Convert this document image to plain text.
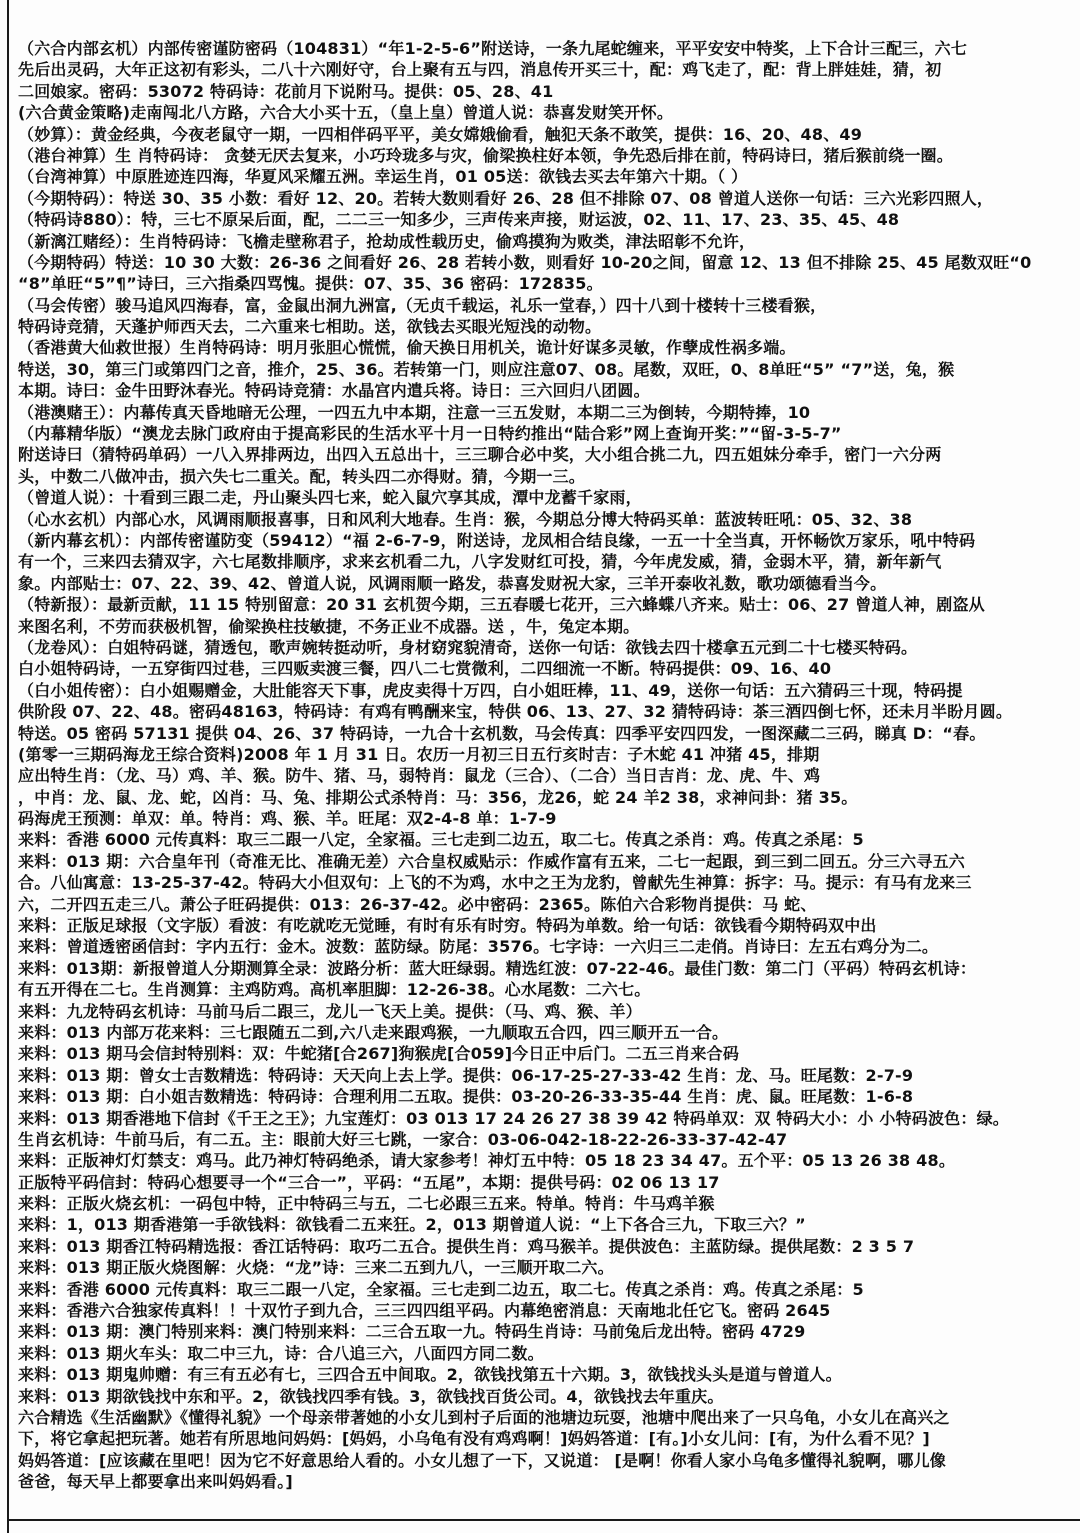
（六合内部玄机）内部传密谨防密码（104831）“年1-2-5-6”附送诗，一条九尾蛇缠来，平平安安中特奖，上下合计三配三，六七
先后出灵码，大年正这初有彩头，二八十六刚好守，台上聚有五与四，消息传开买三十，配：鸡飞走了，配：背上胖娃娃，猜，初
二回娘家。密码：53072 特码诗：花前月下说附马。提供：05、28、41
(六合黄金策略)走南闯北八方路，六合大小买十五，（皇上皇）曾道人说：恭喜发财笑开怀。
（妙算）：黄金经典，今夜老鼠守一期，一四相伴码平平，美女嫦娥偷看，触犯天条不敢笑，提供：16、20、48、49
（港台神算）生 肖特码诗： 贪婪无厌去复来，小巧玲珑多与灾，偷梁换柱好本领，争先恐后排在前，特码诗曰，猪后猴前绕一圈。
（台湾神算）中原胜迹连四海，华夏风采耀五洲。幸运生肖，01 05送：欲钱去买去年第六十期。（ ）
（今期特码）：特送 30、35 小数：看好 12、20。若转大数则看好 26、28 但不排除 07、08 曾道人送你一句话：三六光彩四照人，
（特码诗880）：特，三七不原呆后面，配，二二三一知多少，三声传来声接，财运波，02、11、17、23、35、45、48
（新漓江赌经）：生肖特码诗：飞檐走壁称君子，抢劫成性载历史，偷鸡摸狗为败类，津法昭彰不允许，
（今期特码）特送：10 30 大数：26-36 之间看好 26、28 若转小数，则看好 10-20之间，留意 12、13 但不排除 25、45 尾数双旺“0
“8”单旺“5”¶”诗曰，三六指桑四骂愧。提供：07、35、36 密码：172835。
（马会传密）骏马追风四海春，富，金鼠出洞九洲富,（无贞千载运，礼乐一堂春，）四十八到十楼转十三楼看猴，
特码诗竞猜，天蓬护师西天去，二六重来七相助。送，欲钱去买眼光短浅的动物。
（香港黄大仙救世报）生肖特码诗：明月张胆心慌慌，偷天换日用机关，诡计好谋多灵敏，作孽成性祸多端。
特送，30，第三门或第四门之音，推介，25、36。若转第一门，则应注意07、08。尾数，双旺，0、8单旺“5” “7”送，兔，猴
本期。诗曰：金牛田野沐春光。特码诗竞猜：水晶宫内遣兵将。诗日：三六回归八团圆。
（港澳赌王）：内幕传真天昏地暗无公理，一四五九中本期，注意一三五发财，本期二三为倒转，今期特捧，10
（内幕精华版）“澳龙去脉门政府由于提高彩民的生活水平十月一日特约推出“陆合彩”网上查询开奖：”“留-3-5-7”
附送诗曰（猜特码单码）一八入界排两边，出四入五总出十，三三聊合必中奖，大小组合挑二九，四五姐妹分牵手，密门一六分两
头，中数二八做冲击，损六失七二重关。配，转头四二亦得财。猜，今期一三。
（曾道人说）：十看到三跟二走，丹山聚头四七来，蛇入鼠穴享其成，潭中龙蓄千家雨，
（心水玄机）内部心水，风调雨顺报喜事，日和风利大地春。生肖：猴，今期总分博大特码买单：蓝波转旺吼：05、32、38
（新内幕玄机）：内部传密谨防变（59412）“福 2-6-7-9，附送诗，龙凤相合结良缘，一五一十全当真，开怀畅饮万家乐，吼中特码
有一个，三来四去猜双字，六七尾数排顺序，求来玄机看二九，八字发财红可投，猜，今年虎发威，猜，金弱木平，猜，新年新气
象。内部贴士：07、22、39、42、曾道人说，风调雨顺一路发，恭喜发财祝大家，三羊开泰收礼数，歌功颂德看当今。
（特新报）：最新贡献，11 15 特别留意：20 31 玄机贺今期，三五春暖七花开，三六蜂蝶八齐来。贴士：06、27 曾道人神，剧盗从
来图名利，不劳而获极机智，偷梁换柱技敏捷，不务正业不成器。送 ，牛，兔定本期。
（龙卷风）：白姐特码谜，猜透包，歌声婉转挺动听，身材窈窕貌清奇，送你一句话：欲钱去四十楼拿五元到二十七楼买特码。
白小姐特码诗，一五穿街四过巷，三四贩卖渡三餐，四八二七赏微利，二四细流一不断。特码提供：09、16、40
（白小姐传密）：白小姐赐赠金，大肚能容天下事，虎皮卖得十万四，白小姐旺棒，11、49，送你一句话：五六猜码三十现，特码提
供阶段 07、22、48。密码48163，特码诗：有鸡有鸭酬来宝，特供 06、13、27、32 猜特码诗：茶三酒四倒七怀，还未月半盼月圆。
特送。05 密码 57131 提供 04、26、37 特码诗，一九合十玄机数，马会传真：四季平安四四发，一图深藏二三码，睇真 D：“春。
(第零一三期码海龙王综合资料)2008 年 1 月 31 日。农历一月初三日五行亥时吉：子木蛇 41 冲猪 45，排期
应出特生肖：（龙、马）鸡、羊、猴。防牛、猪、马，弱特肖：鼠龙（三合）、（二合）当日吉肖：龙、虎、牛、鸡
，中肖：龙、鼠、龙、蛇，凶肖：马、兔、排期公式杀特肖：马：356，龙26，蛇 24 羊2 38，求神问卦：猪 35。
码海虎王预测：单双：单。特肖：鸡、猴、羊。旺尾：双2-4-8 单：1-7-9
来料：香港 6000 元传真料：取三二跟一八定，全家福。三七走到二边五，取二七。传真之杀肖：鸡。传真之杀尾：5
来料：013 期：六合皇年刊（奇准无比、准确无差）六合皇权威贴示：作威作富有五来，二七一起跟，到三到二回五。分三六寻五六
合。八仙寓意：13-25-37-42。特码大小但双句：上飞的不为鸡，水中之王为龙豹，曾献先生神算：拆字：马。提示：有马有龙来三
六，二开四五走三八。萧公子旺码提供：013：26-37-42。必中密码：2365。陈伯六合彩物肖提供：马 蛇、
来料：正版足球报（文字版）看波：有吃就吃无觉睡，有时有乐有时穷。特码为单数。给一句话：欲钱看今期特码双中出
来料：曾道透密函信封：字内五行：金木。波数：蓝防绿。防尾：3576。七字诗：一六归三二走俏。肖诗曰：左五右鸡分为二。
来料：013期：新报曾道人分期测算全录：波路分析：蓝大旺绿弱。精选红波：07-22-46。最佳门数：第二门（平码）特码玄机诗：
有五开得在二七。生肖测算：主鸡防鸡。高机率胆脚：12-26-38。心水尾数：二六七。
来料：九龙特码玄机诗：马前马后二跟三，龙儿一飞天上美。提供：（马、鸡、猴、羊）
来料：013 内部万花来料：三七跟随五二到,六八走来跟鸡猴，一九顺取五合四，四三顺开五一合。
来料：013 期马会信封特别料：双：牛蛇猪[合267]狗猴虎[合059]今日正中后门。二五三肖来合码
来料：013 期：曾女士吉数精选：特码诗：天天向上去上学。提供：06-17-25-27-33-42 生肖：龙、马。旺尾数：2-7-9
来料：013 期：白小姐吉数精选：特码诗：合理利用二五取。提供：03-20-26-33-35-44 生肖：虎、鼠。旺尾数：1-6-8
来料：013 期香港地下信封《千王之王》；九宝莲灯：03 013 17 24 26 27 38 39 42 特码单双：双 特码大小：小 小特码波色：绿。
生肖玄机诗：牛前马后，有二五。主：眼前大好三七跳，一家合：03-06-042-18-22-26-33-37-42-47
来料：正版神灯灯禁支：鸡马。此乃神灯特码绝杀，请大家参考！神灯五中特：05 18 23 34 47。五个平：05 13 26 38 48。
正版特平码信封：特码心想要寻一个“三合一”，平码：“五尾”，本期：提供号码：02 06 13 17
来料：正版火烧玄机：一码包中特，正中特码三与五，二七必跟三五来。特单。特肖：牛马鸡羊猴
来料：1，013 期香港第一手欲钱料：欲钱看二五来狂。2，013 期曾道人说：“上下各合三九，下取三六？”
来料：013 期香江特码精选报：香江话特码：取巧二五合。提供生肖：鸡马猴羊。提供波色：主蓝防绿。提供尾数：2 3 5 7
来料：013 期正版火烧图解：火烧：“龙”诗：三来二五到九八，一三顺开取二六。
来料：香港 6000 元传真料：取三二跟一八定，全家福。三七走到二边五，取二七。传真之杀肖：鸡。传真之杀尾：5
来料：香港六合独家传真料！！十双竹子到九合，三三四四组平码。内幕绝密消息：天南地北任它飞。密码 2645
来料：013 期：澳门特别来料：澳门特别来料：二三合五取一九。特码生肖诗：马前兔后龙出特。密码 4729
来料：013 期火车头：取二中三九，诗：合八追三六，八面四方同二数。
来料：013 期鬼帅赠：有三有五必有七，三四合五中间取。2，欲钱找第五十六期。3，欲钱找头头是道与曾道人。
来料：013 期欲钱找中东和平。2，欲钱找四季有钱。3，欲钱找百货公司。4，欲钱找去年重庆。
六合精选《生活幽默》《懂得礼貌》一个母亲带著她的小女儿到村子后面的池塘边玩耍，池塘中爬出来了一只乌龟，小女儿在高兴之
下，将它拿起把玩著。她若有所思地问妈妈：[妈妈，小乌龟有没有鸡鸡啊！]妈妈答道：[有。]小女儿问：[有，为什么看不见？]
妈妈答道：[应该藏在里吧！因为它不好意思给人看的。小女儿想了一下，又说道： [是啊！你看人家小乌龟多懂得礼貌啊，哪儿像
爸爸，每天早上都要拿出来叫妈妈看。]
